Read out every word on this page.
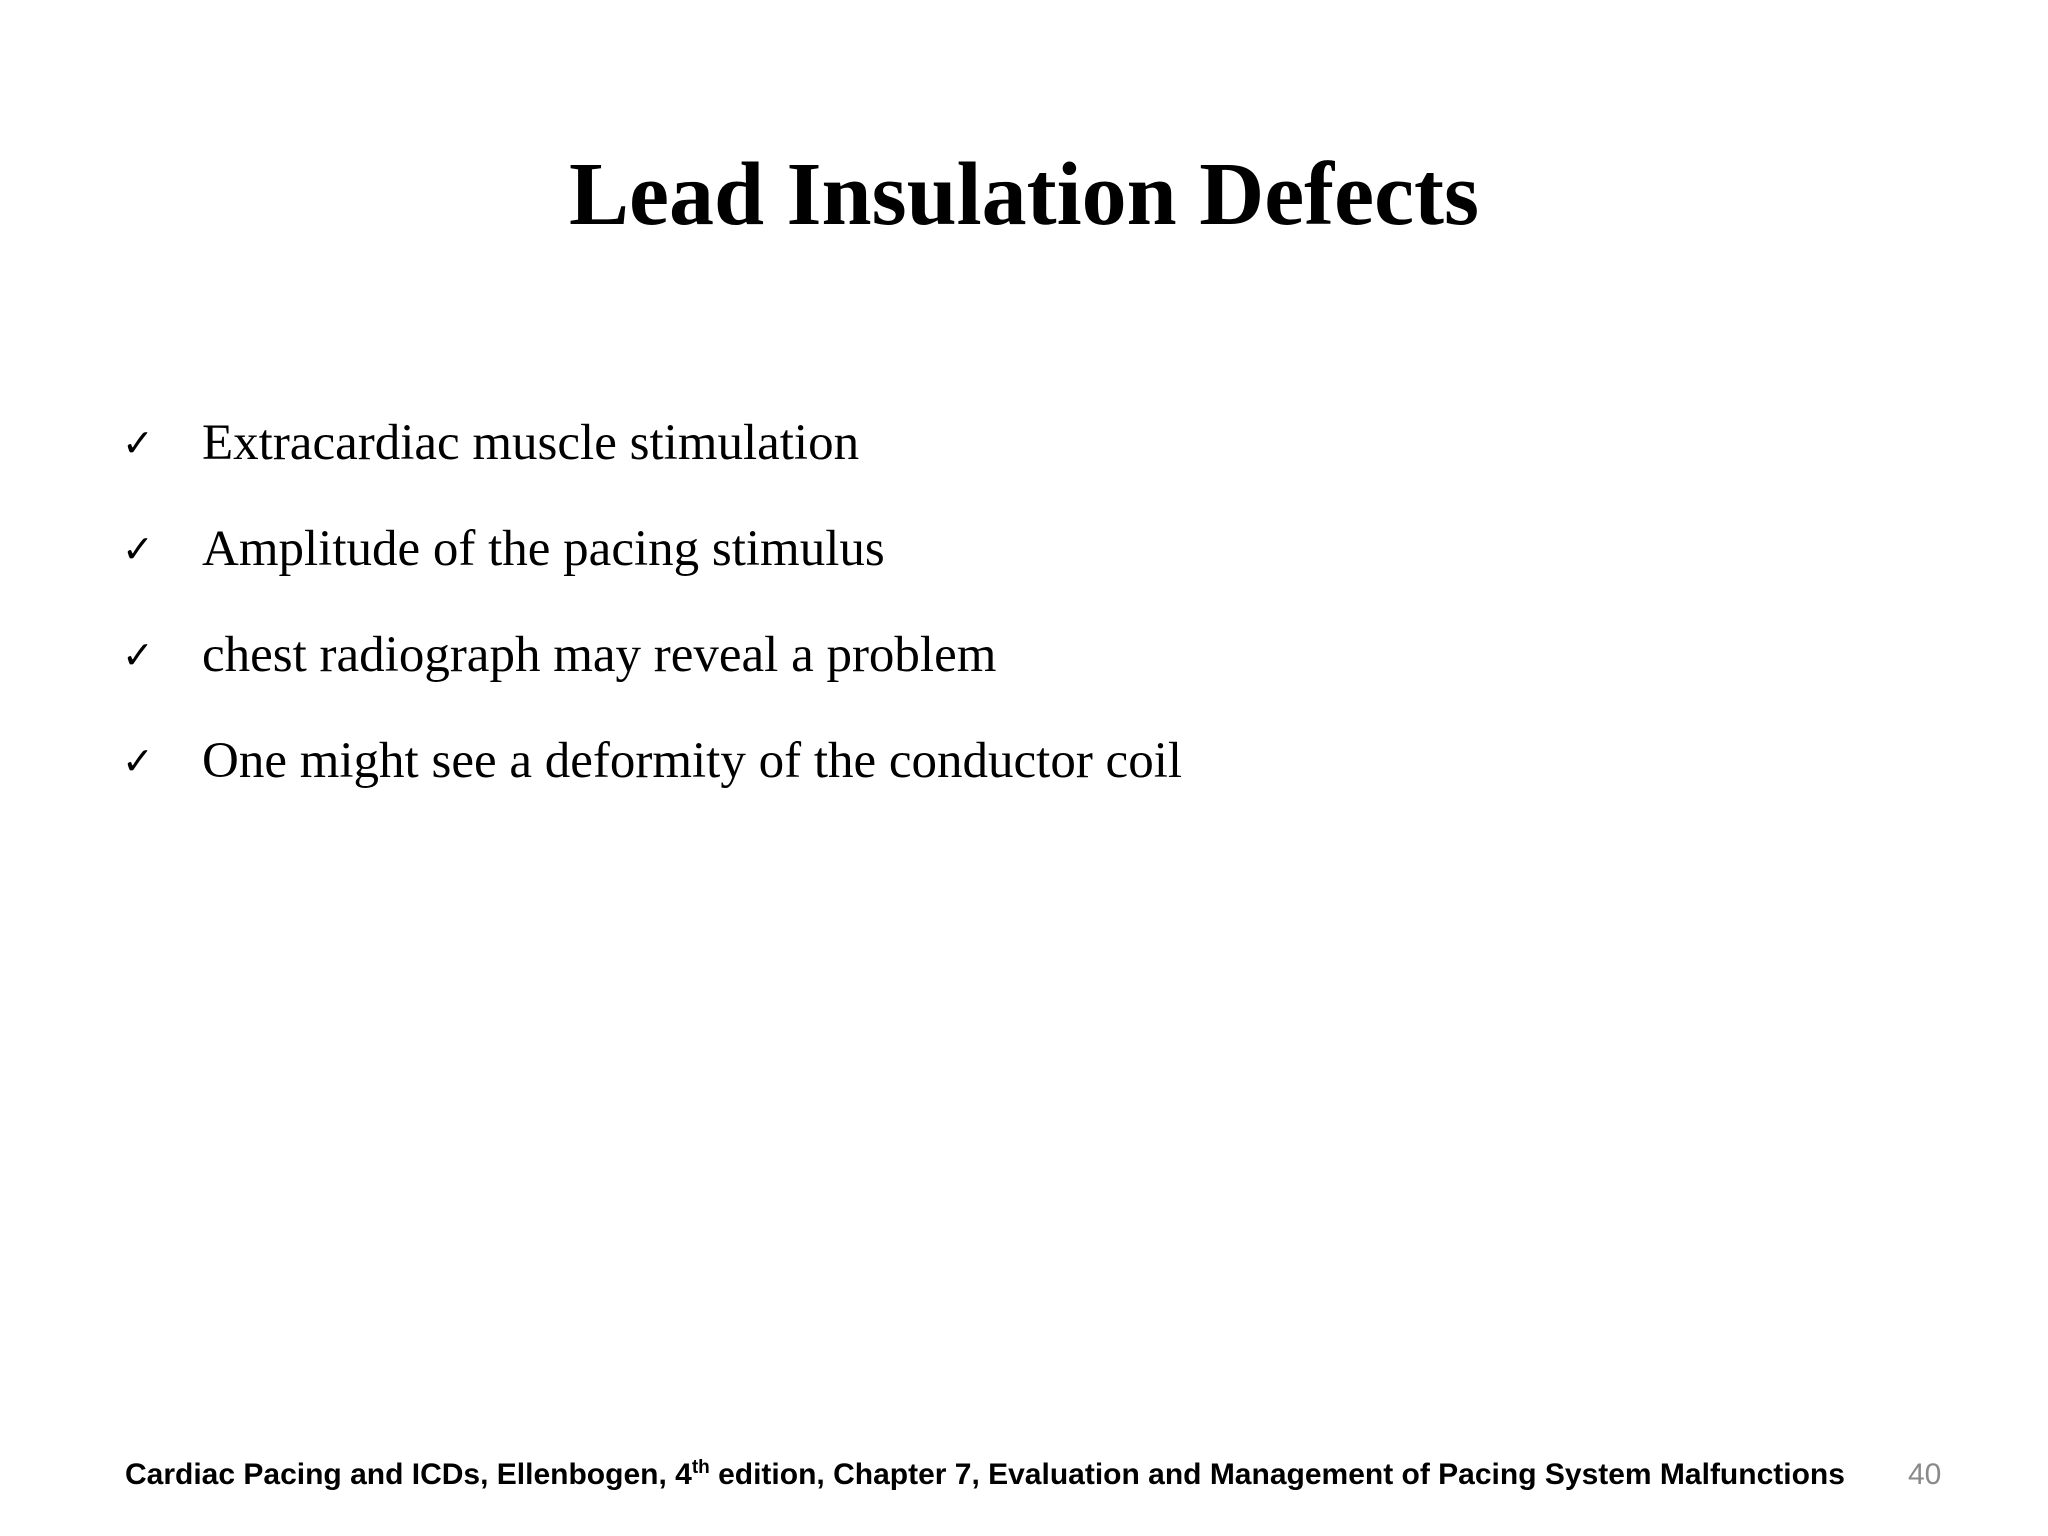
Lead Insulation Defects
✓ Extracardiac muscle stimulation
✓ Amplitude of the pacing stimulus
✓ chest radiograph may reveal a problem
✓ One might see a deformity of the conductor coil
Cardiac Pacing and ICDs, Ellenbogen, 4th edition, Chapter 7, Evaluation and Management of Pacing System Malfunctions 40
